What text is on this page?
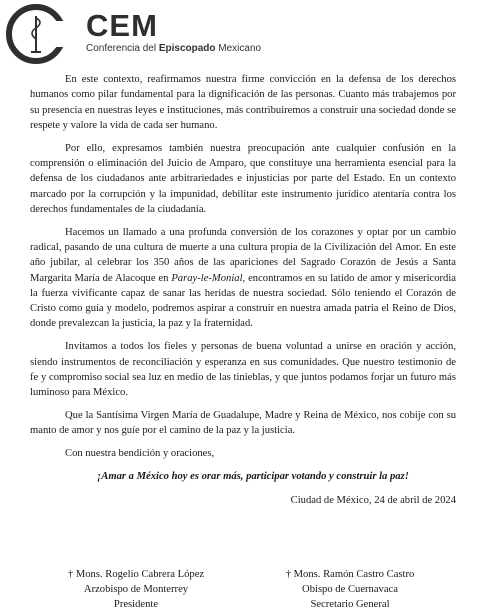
CEM
Conferencia del Episcopado Mexicano

En este contexto, reafirmamos nuestra firme convicción en la defensa de los derechos humanos como pilar fundamental para la dignificación de las personas. Cuanto más trabajemos por su presencia en nuestras leyes e instituciones, más contribuiremos a construir una sociedad donde se respete y valore la vida de cada ser humano.

Por ello, expresamos también nuestra preocupación ante cualquier confusión en la comprensión o eliminación del Juicio de Amparo, que constituye una herramienta esencial para la defensa de los ciudadanos ante arbitrariedades e injusticias por parte del Estado. En un contexto marcado por la corrupción y la impunidad, debilitar este instrumento jurídico atentaría contra los derechos fundamentales de la ciudadanía.

Hacemos un llamado a una profunda conversión de los corazones y optar por un cambio radical, pasando de una cultura de muerte a una cultura propia de la Civilización del Amor. En este año jubilar, al celebrar los 350 años de las apariciones del Sagrado Corazón de Jesús a Santa Margarita María de Alacoque en Paray-le-Monial, encontramos en su latido de amor y misericordia la fuerza vivificante capaz de sanar las heridas de nuestra sociedad. Sólo teniendo el Corazón de Cristo como guía y modelo, podremos aspirar a construir en nuestra amada patria el Reino de Dios, donde prevalezcan la justicia, la paz y la fraternidad.

Invitamos a todos los fieles y personas de buena voluntad a unirse en oración y acción, siendo instrumentos de reconciliación y esperanza en sus comunidades. Que nuestro testimonio de fe y compromiso social sea luz en medio de las tinieblas, y que juntos podamos forjar un futuro más luminoso para México.

Que la Santísima Virgen María de Guadalupe, Madre y Reina de México, nos cobije con su manto de amor y nos guíe por el camino de la paz y la justicia.

Con nuestra bendición y oraciones,

¡Amar a México hoy es orar más, participar votando y construir la paz!

Ciudad de México, 24 de abril de 2024

† Mons. Rogelio Cabrera López
Arzobispo de Monterrey
Presidente
† Mons. Ramón Castro Castro
Obispo de Cuernavaca
Secretario General
